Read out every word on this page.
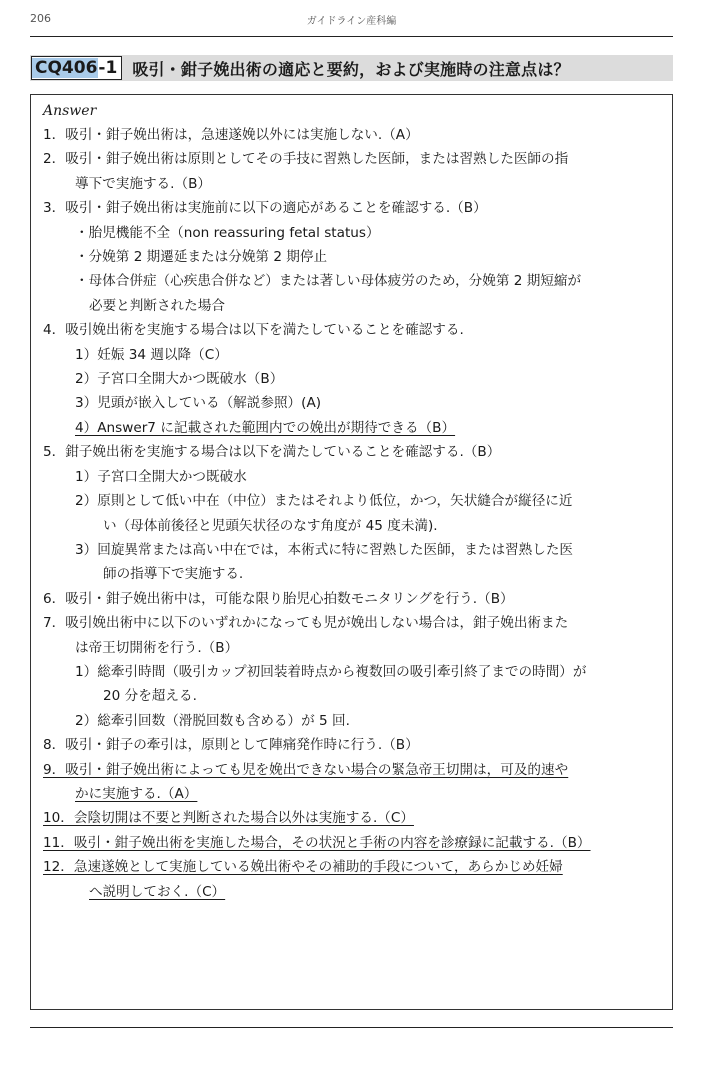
206	ガイドライン産科編
CQ406 -1 吸引・鉗子娩出術の適応と要約，および実施時の注意点は？
Answer
1．吸引・鉗子娩出術は，急速遂娩以外には実施しない.（A）
2．吸引・鉗子娩出術は原則としてその手技に習熟した医師，または習熟した医師の指
導下で実施する.（B）
3．吸引・鉗子娩出術は実施前に以下の適応があることを確認する.（B）
・胎児機能不全（non reassuring fetal status）
・分娩第 2 期遷延または分娩第 2 期停止
・母体合併症（心疾患合併など）または著しい母体疲労のため，分娩第 2 期短縮が
必要と判断された場合
4．吸引娩出術を実施する場合は以下を満たしていることを確認する.
1）妊娠 34 週以降（C）
2）子宮口全開大かつ既破水（B）
3）児頭が嵌入している（解説参照）(A)
4）Answer7 に記載された範囲内での娩出が期待できる（B）
5．鉗子娩出術を実施する場合は以下を満たしていることを確認する.（B）
1）子宮口全開大かつ既破水
2）原則として低い中在（中位）またはそれより低位，かつ，矢状縫合が縦径に近
い（母体前後径と児頭矢状径のなす角度が 45 度未満).
3）回旋異常または高い中在では，本術式に特に習熟した医師，または習熟した医
師の指導下で実施する.
6．吸引・鉗子娩出術中は，可能な限り胎児心拍数モニタリングを行う.（B）
7．吸引娩出術中に以下のいずれかになっても児が娩出しない場合は，鉗子娩出術また
は帝王切開術を行う.（B）
1）総牽引時間（吸引カップ初回装着時点から複数回の吸引牽引終了までの時間）が
20 分を超える.
2）総牽引回数（滑脱回数も含める）が 5 回.
8．吸引・鉗子の牽引は，原則として陣痛発作時に行う.（B）
9．吸引・鉗子娩出術によっても児を娩出できない場合の緊急帝王切開は，可及的速や
かに実施する.（A）
10．会陰切開は不要と判断された場合以外は実施する.（C）
11．吸引・鉗子娩出術を実施した場合，その状況と手術の内容を診療録に記載する.（B）
12．急速遂娩として実施している娩出術やその補助的手段について，あらかじめ妊婦
へ説明しておく.（C）
